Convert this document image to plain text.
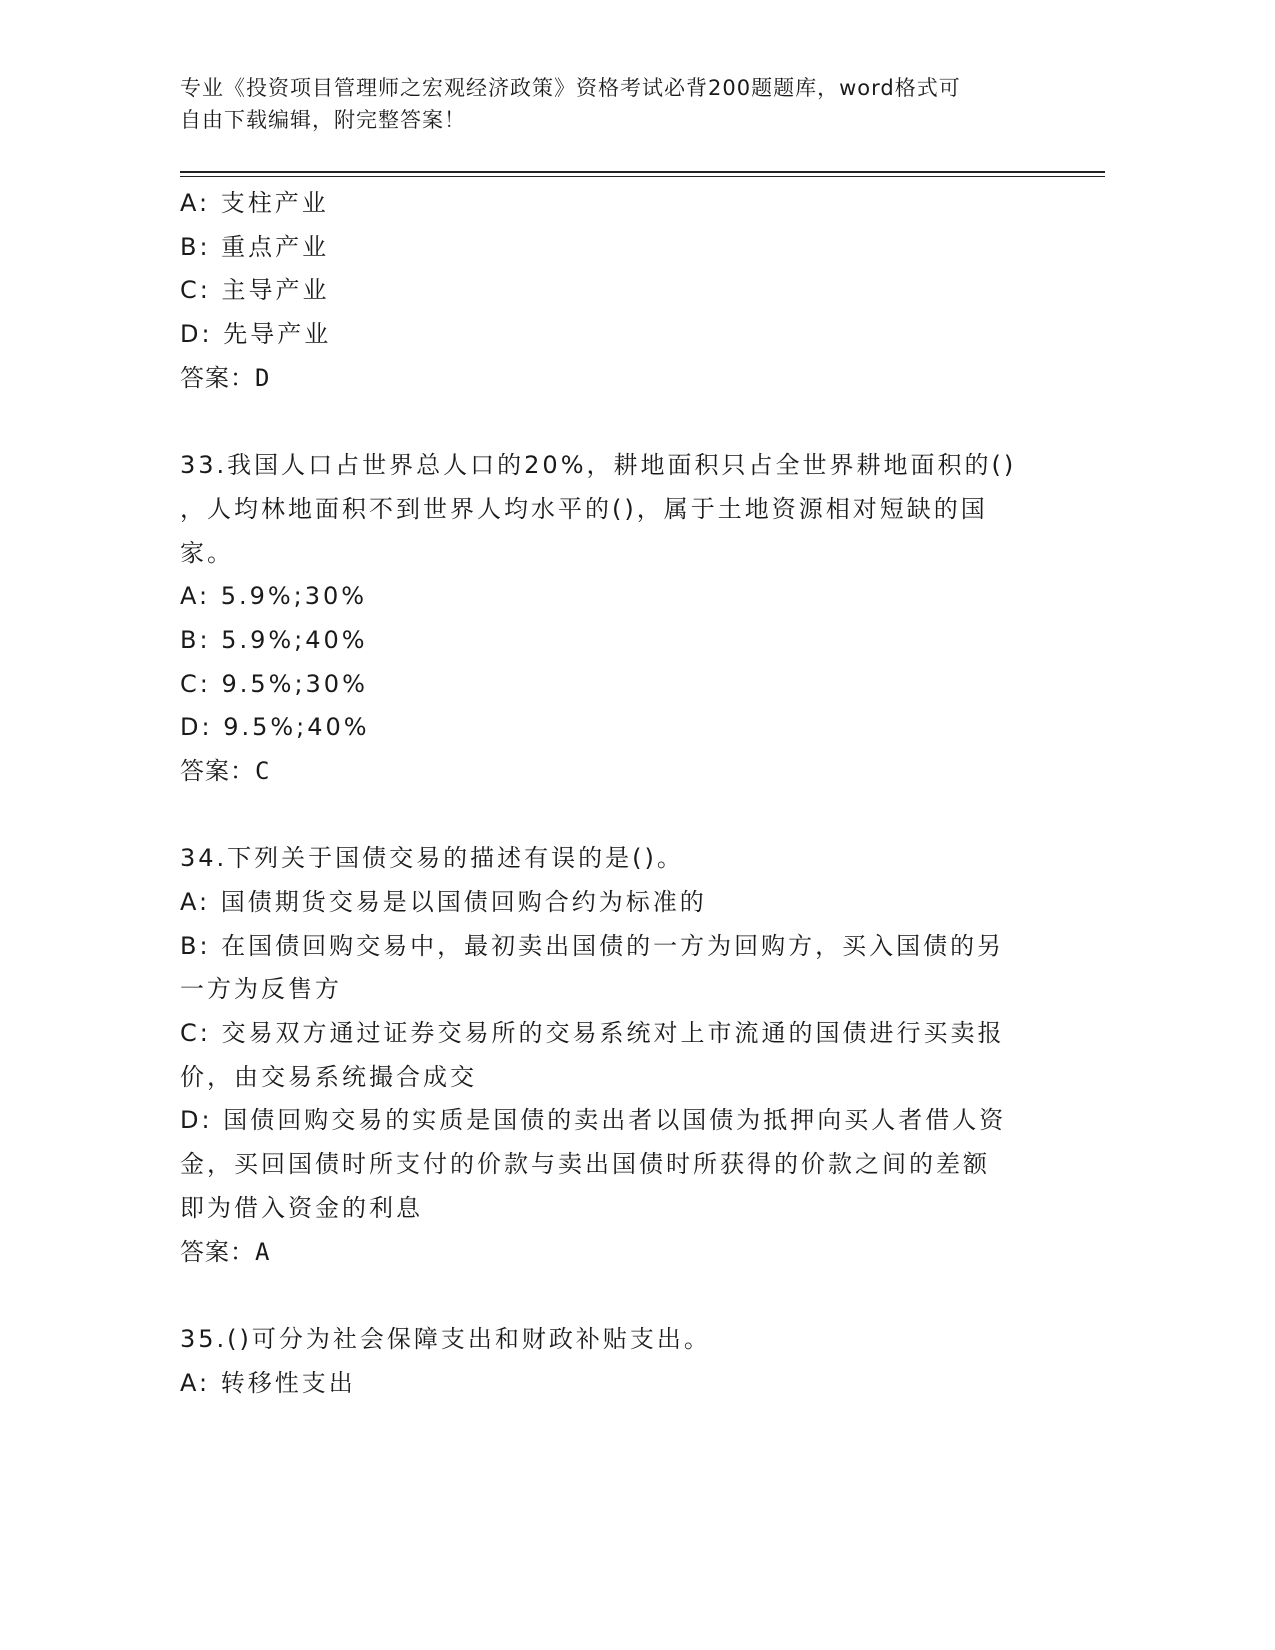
专业《投资项目管理师之宏观经济政策》资格考试必背200题题库，word格式可
自由下载编辑，附完整答案！
A: 支柱产业
B: 重点产业
C: 主导产业
D: 先导产业
答案：D
33.我国人口占世界总人口的20%，耕地面积只占全世界耕地面积的()
，人均林地面积不到世界人均水平的()，属于土地资源相对短缺的国
家。
A: 5.9%;30%
B: 5.9%;40%
C: 9.5%;30%
D: 9.5%;40%
答案：C
34.下列关于国债交易的描述有误的是()。
A: 国债期货交易是以国债回购合约为标准的
B: 在国债回购交易中，最初卖出国债的一方为回购方，买入国债的另
一方为反售方
C: 交易双方通过证券交易所的交易系统对上市流通的国债进行买卖报
价，由交易系统撮合成交
D: 国债回购交易的实质是国债的卖出者以国债为抵押向买人者借人资
金，买回国债时所支付的价款与卖出国债时所获得的价款之间的差额
即为借入资金的利息
答案：A
35.()可分为社会保障支出和财政补贴支出。
A: 转移性支出
